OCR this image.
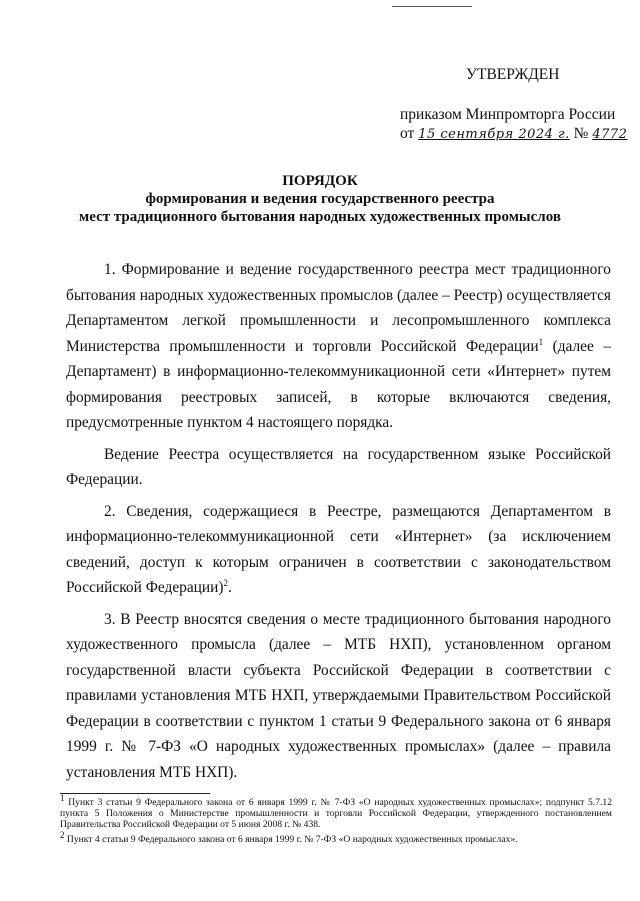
УТВЕРЖДЕН
приказом Минпромторга России
от 15 сентября 2024 г. № 4772
ПОРЯДОК
формирования и ведения государственного реестра
мест традиционного бытования народных художественных промыслов

1. Формирование и ведение государственного реестра мест традиционного бытования народных художественных промыслов (далее – Реестр) осуществляется Департаментом легкой промышленности и лесопромышленного комплекса Министерства промышленности и торговли Российской Федерации$^1$ (далее – Департамент) в информационно-телекоммуникационной сети «Интернет» путем формирования реестровых записей, в которые включаются сведения, предусмотренные пунктом 4 настоящего порядка.

Ведение Реестра осуществляется на государственном языке Российской Федерации.

2. Сведения, содержащиеся в Реестре, размещаются Департаментом в информационно-телекоммуникационной сети «Интернет» (за исключением сведений, доступ к которым ограничен в соответствии с законодательством Российской Федерации)$^2$.

3. В Реестр вносятся сведения о месте традиционного бытования народного художественного промысла (далее – МТБ НХП), установленном органом государственной власти субъекта Российской Федерации в соответствии с правилами установления МТБ НХП, утверждаемыми Правительством Российской Федерации в соответствии с пунктом 1 статьи 9 Федерального закона от 6 января 1999 г. № 7-ФЗ «О народных художественных промыслах» (далее – правила установления МТБ НХП).

$^1$ Пункт 3 статьи 9 Федерального закона от 6 января 1999 г. № 7-ФЗ «О народных художественных промыслах»; подпункт 5.7.12 пункта 5 Положения о Министерстве промышленности и торговли Российской Федерации, утвержденного постановлением Правительства Российской Федерации от 5 июня 2008 г. № 438.

$^2$ Пункт 4 статьи 9 Федерального закона от 6 января 1999 г. № 7-ФЗ «О народных художественных промыслах».
